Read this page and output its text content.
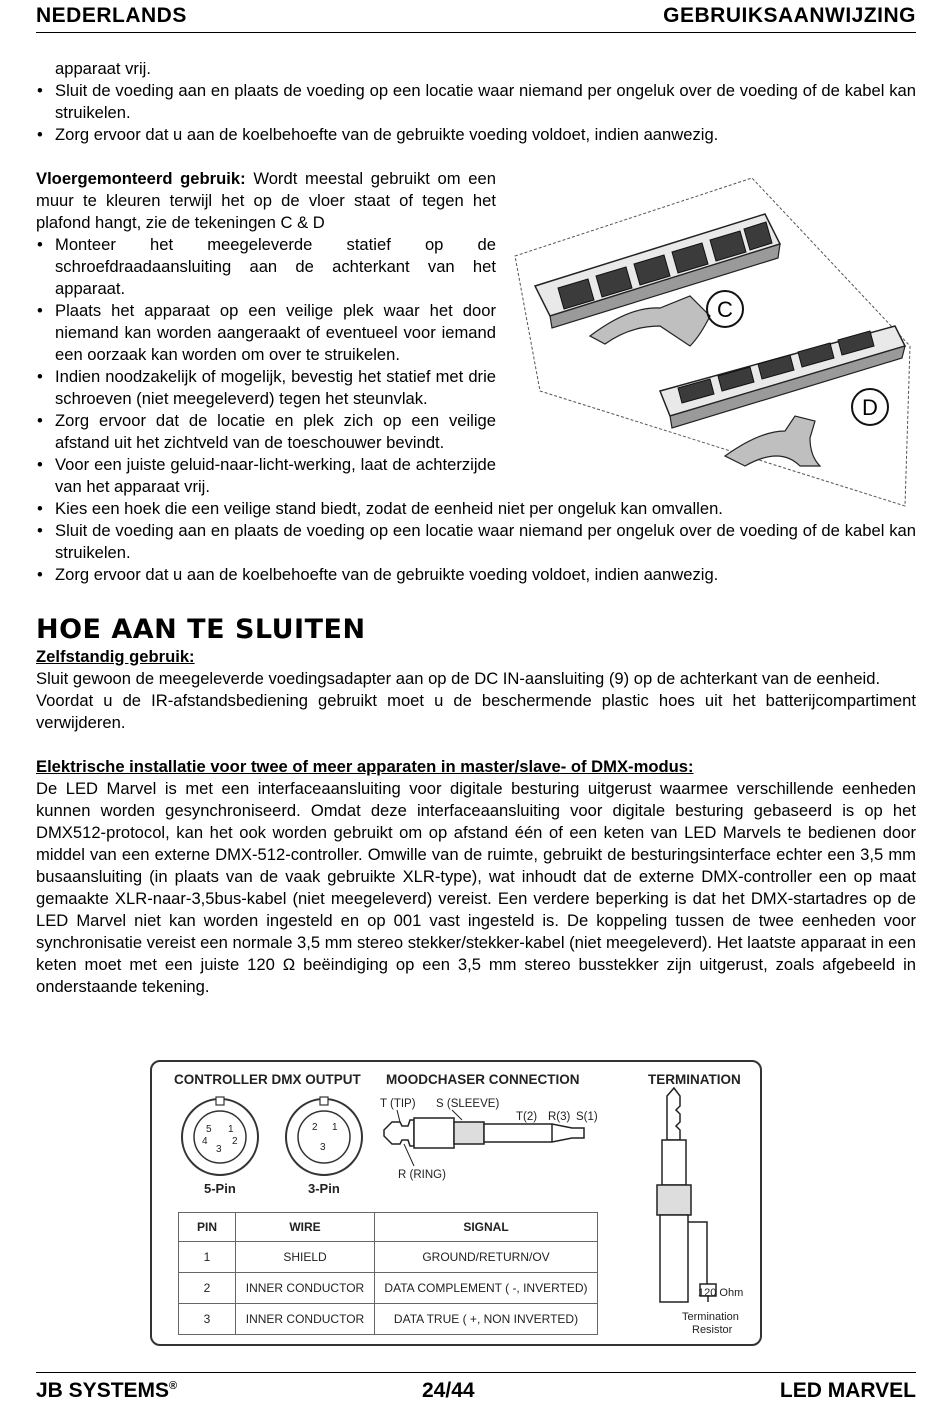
NEDERLANDS	GEBRUIKSAANWIJZING

apparaat vrij.

• Sluit de voeding aan en plaats de voeding op een locatie waar niemand per ongeluk over de voeding of de kabel kan struikelen.
• Zorg ervoor dat u aan de koelbehoefte van de gebruikte voeding voldoet, indien aanwezig.

Vloergemonteerd gebruik: Wordt meestal gebruikt om een muur te kleuren terwijl het op de vloer staat of tegen het plafond hangt, zie de tekeningen C & D

• Monteer het meegeleverde statief op de schroefdraadaansluiting aan de achterkant van het apparaat.
• Plaats het apparaat op een veilige plek waar het door niemand kan worden aangeraakt of eventueel voor iemand een oorzaak kan worden om over te struikelen.
• Indien noodzakelijk of mogelijk, bevestig het statief met drie schroeven (niet meegeleverd) tegen het steunvlak.
• Zorg ervoor dat de locatie en plek zich op een veilige afstand uit het zichtveld van de toeschouwer bevindt.
• Voor een juiste geluid-naar-licht-werking, laat de achterzijde van het apparaat vrij.
• Kies een hoek die een veilige stand biedt, zodat de eenheid niet per ongeluk kan omvallen.
• Sluit de voeding aan en plaats de voeding op een locatie waar niemand per ongeluk over de voeding of de kabel kan struikelen.
• Zorg ervoor dat u aan de koelbehoefte van de gebruikte voeding voldoet, indien aanwezig.
HOE AAN TE SLUITEN

Zelfstandig gebruik:

Sluit gewoon de meegeleverde voedingsadapter aan op de DC IN-aansluiting (9) op de achterkant van de eenheid.

Voordat u de IR-afstandsbediening gebruikt moet u de beschermende plastic hoes uit het batterijcompartiment verwijderen.

Elektrische installatie voor twee of meer apparaten in master/slave- of DMX-modus:

De LED Marvel is met een interfaceaansluiting voor digitale besturing uitgerust waarmee verschillende eenheden kunnen worden gesynchroniseerd. Omdat deze interfaceaansluiting voor digitale besturing gebaseerd is op het DMX512-protocol, kan het ook worden gebruikt om op afstand één of een keten van LED Marvels te bedienen door middel van een externe DMX-512-controller. Omwille van de ruimte, gebruikt de besturingsinterface echter een 3,5 mm busaansluiting (in plaats van de vaak gebruikte XLR-type), wat inhoudt dat de externe DMX-controller een op maat gemaakte XLR-naar-3,5bus-kabel (niet meegeleverd) vereist. Een verdere beperking is dat het DMX-startadres op de LED Marvel niet kan worden ingesteld en op 001 vast ingesteld is. De koppeling tussen de twee eenheden voor synchronisatie vereist een normale 3,5 mm stereo stekker/stekker-kabel (niet meegeleverd). Het laatste apparaat in een keten moet met een juiste 120 Ω beëindiging op een 3,5 mm stereo busstekker zijn uitgerust, zoals afgebeeld in onderstaande tekening.

C
D
CONTROLLER DMX OUTPUT MOODCHASER CONNECTION	TERMINATION
5 1
4 2
3
5-Pin
2 1
3
3-Pin
T (TIP) S (SLEEVE)
R (RING)
T(2) R(3) S(1)
120 Ohm
Termination
Resistor
PIN	WIRE	SIGNAL
1	SHIELD	GROUND/RETURN/OV
2	INNER CONDUCTOR	DATA COMPLEMENT ( -, INVERTED)
3	INNER CONDUCTOR	DATA TRUE ( +, NON INVERTED)
JB SYSTEMS®	24/44	LED MARVEL
